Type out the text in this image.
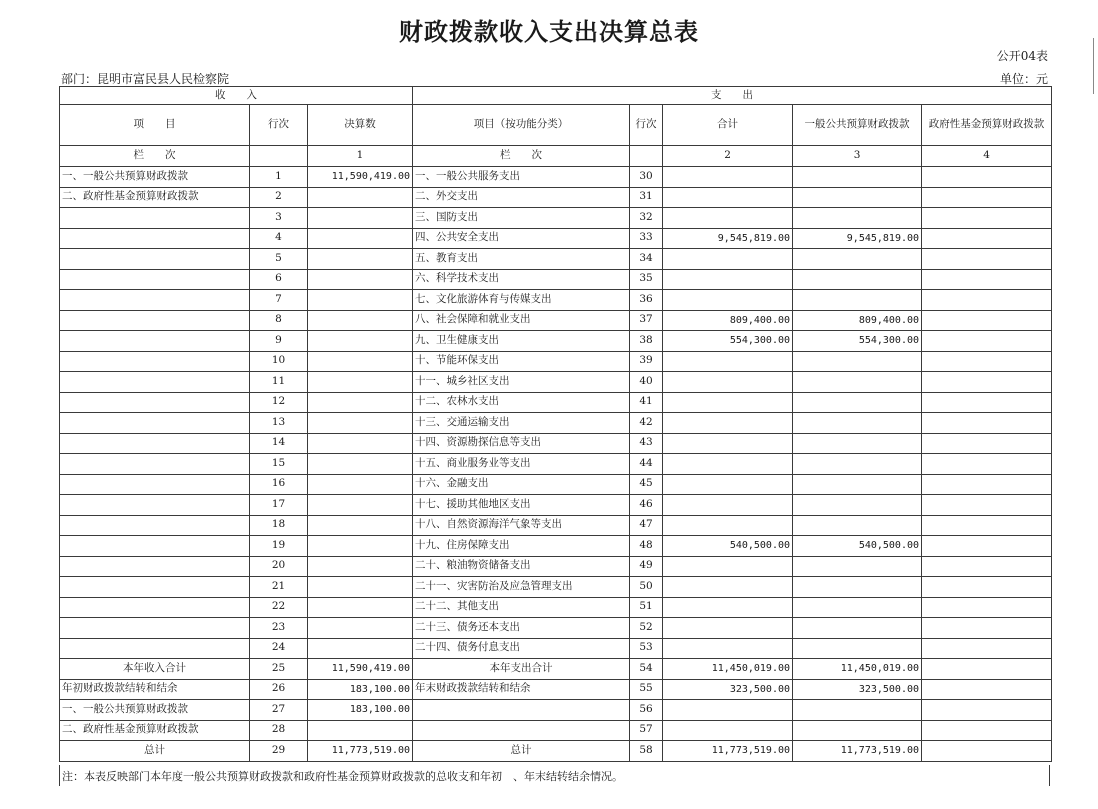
财政拨款收入支出决算总表
公开04表
部门：昆明市富民县人民检察院	单位：元
收　　入			支　　出				
项　　目	行次	决算数	项目（按功能分类）	行次	合计	一般公共预算财政拨款	政府性基金预算财政拨款
栏　　次		1	栏　　次		2	3	4
一、一般公共预算财政拨款	1	11,590,419.00	一、一般公共服务支出	30			
二、政府性基金预算财政拨款	2		二、外交支出	31			
	3		三、国防支出	32			
	4		四、公共安全支出	33	9,545,819.00	9,545,819.00	
	5		五、教育支出	34			
	6		六、科学技术支出	35			
	7		七、文化旅游体育与传媒支出	36			
	8		八、社会保障和就业支出	37	809,400.00	809,400.00	
	9		九、卫生健康支出	38	554,300.00	554,300.00	
	10		十、节能环保支出	39			
	11		十一、城乡社区支出	40			
	12		十二、农林水支出	41			
	13		十三、交通运输支出	42			
	14		十四、资源勘探信息等支出	43			
	15		十五、商业服务业等支出	44			
	16		十六、金融支出	45			
	17		十七、援助其他地区支出	46			
	18		十八、自然资源海洋气象等支出	47			
	19		十九、住房保障支出	48	540,500.00	540,500.00	
	20		二十、粮油物资储备支出	49			
	21		二十一、灾害防治及应急管理支出	50			
	22		二十二、其他支出	51			
	23		二十三、债务还本支出	52			
	24		二十四、债务付息支出	53			
本年收入合计	25	11,590,419.00	本年支出合计	54	11,450,019.00	11,450,019.00	
年初财政拨款结转和结余	26	183,100.00	年末财政拨款结转和结余	55	323,500.00	323,500.00	
一、一般公共预算财政拨款	27	183,100.00		56			
二、政府性基金预算财政拨款	28			57			
总计	29	11,773,519.00	总计	58	11,773,519.00	11,773,519.00	
注：本表反映部门本年度一般公共预算财政拨款和政府性基金预算财政拨款的总收支和年初　、年末结转结余情况。
